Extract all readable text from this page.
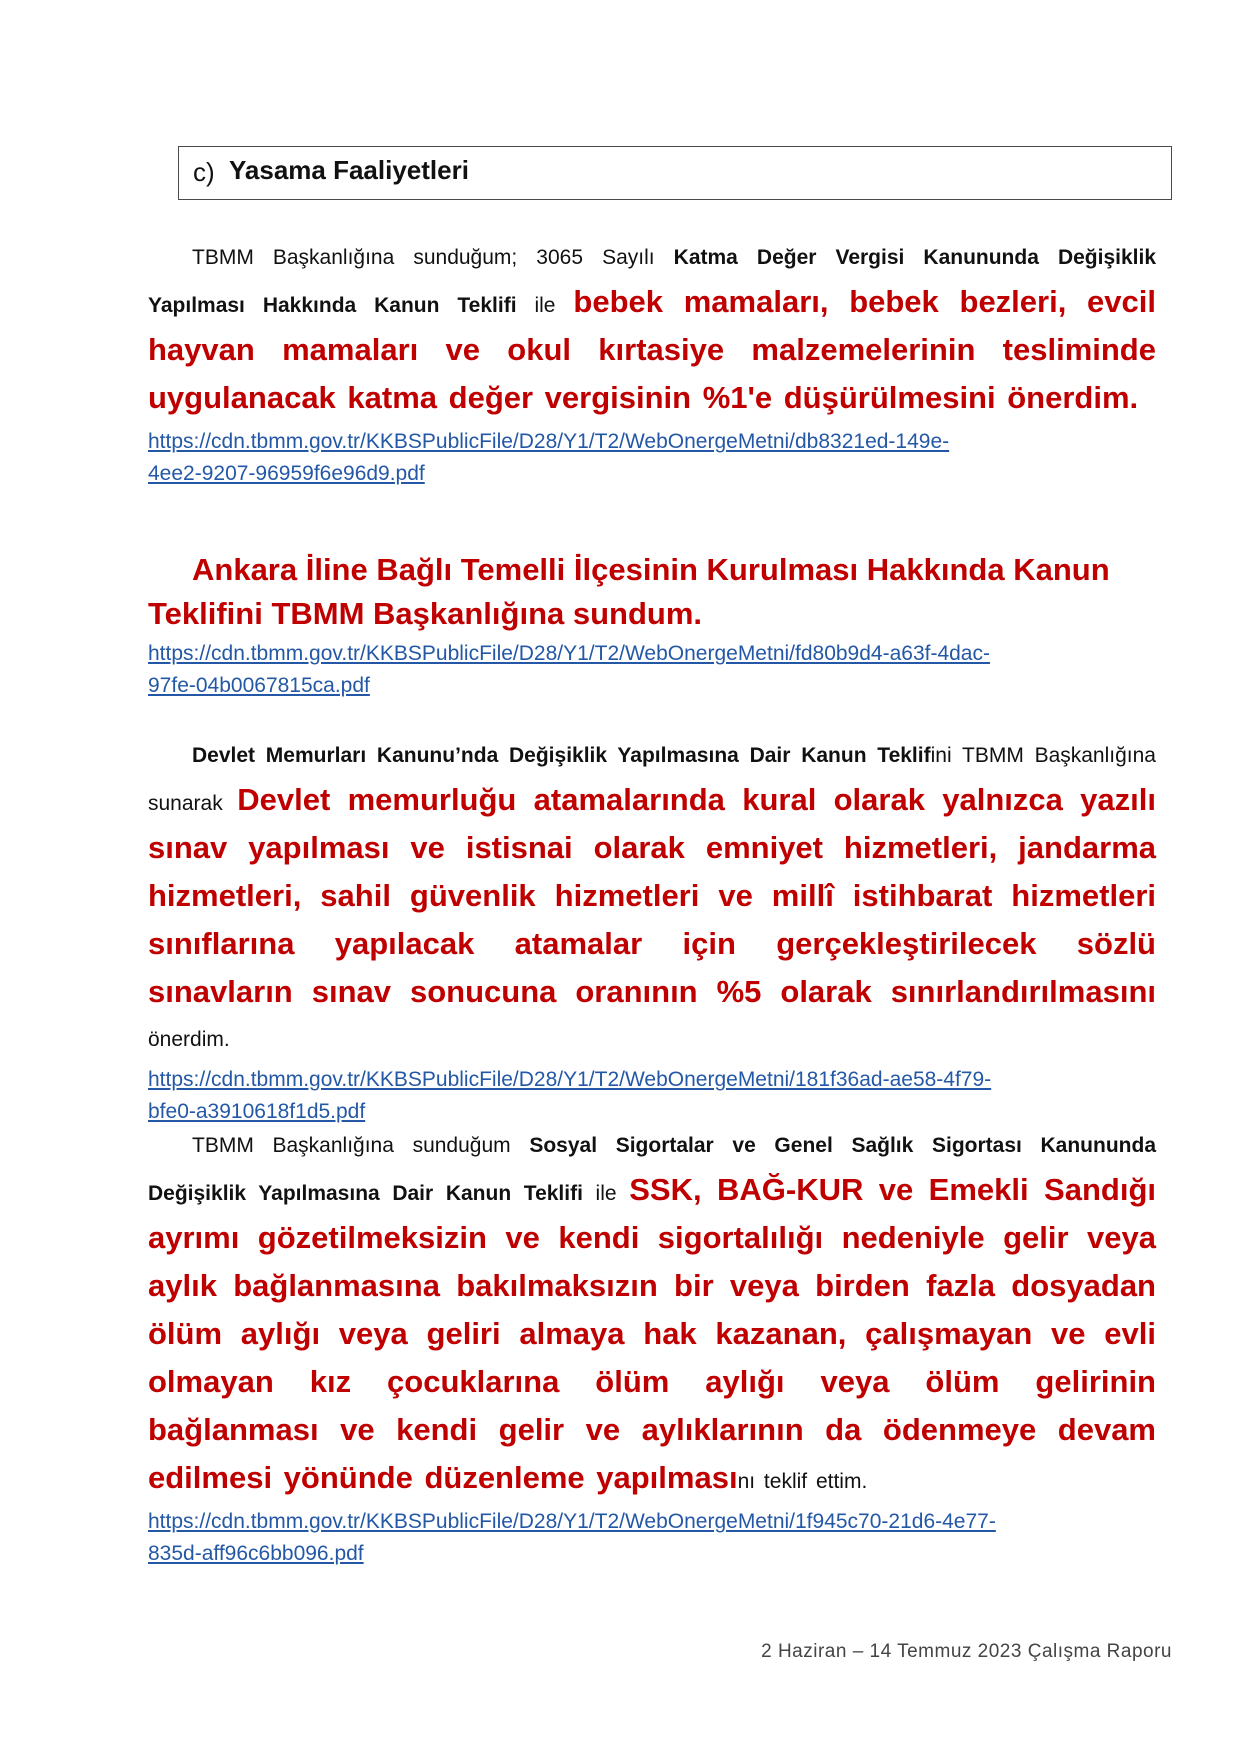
c) Yasama Faaliyetleri

TBMM Başkanlığına sunduğum; 3065 Sayılı Katma Değer Vergisi Kanununda Değişiklik Yapılması Hakkında Kanun Teklifi ile bebek mamaları, bebek bezleri, evcil hayvan mamaları ve okul kırtasiye malzemelerinin tesliminde uygulanacak katma değer vergisinin %1'e düşürülmesini önerdim.

https://cdn.tbmm.gov.tr/KKBSPublicFile/D28/Y1/T2/WebOnergeMetni/db8321ed-149e-
4ee2-9207-96959f6e96d9.pdf

Ankara İline Bağlı Temelli İlçesinin Kurulması Hakkında Kanun Teklifini TBMM Başkanlığına sundum.

https://cdn.tbmm.gov.tr/KKBSPublicFile/D28/Y1/T2/WebOnergeMetni/fd80b9d4-a63f-4dac-
97fe-04b0067815ca.pdf

Devlet Memurları Kanunu’nda Değişiklik Yapılmasına Dair Kanun Teklifini TBMM Başkanlığına sunarak Devlet memurluğu atamalarında kural olarak yalnızca yazılı sınav yapılması ve istisnai olarak emniyet hizmetleri, jandarma hizmetleri, sahil güvenlik hizmetleri ve millî istihbarat hizmetleri sınıflarına yapılacak atamalar için gerçekleştirilecek sözlü sınavların sınav sonucuna oranının %5 olarak sınırlandırılmasını önerdim.

https://cdn.tbmm.gov.tr/KKBSPublicFile/D28/Y1/T2/WebOnergeMetni/181f36ad-ae58-4f79-
bfe0-a3910618f1d5.pdf

TBMM Başkanlığına sunduğum Sosyal Sigortalar ve Genel Sağlık Sigortası Kanununda Değişiklik Yapılmasına Dair Kanun Teklifi ile SSK, BAĞ-KUR ve Emekli Sandığı ayrımı gözetilmeksizin ve kendi sigortalılığı nedeniyle gelir veya aylık bağlanmasına bakılmaksızın bir veya birden fazla dosyadan ölüm aylığı veya geliri almaya hak kazanan, çalışmayan ve evli olmayan kız çocuklarına ölüm aylığı veya ölüm gelirinin bağlanması ve kendi gelir ve aylıklarının da ödenmeye devam edilmesi yönünde düzenleme yapılmasını teklif ettim.

https://cdn.tbmm.gov.tr/KKBSPublicFile/D28/Y1/T2/WebOnergeMetni/1f945c70-21d6-4e77-
835d-aff96c6bb096.pdf
2 Haziran – 14 Temmuz 2023 Çalışma Raporu
